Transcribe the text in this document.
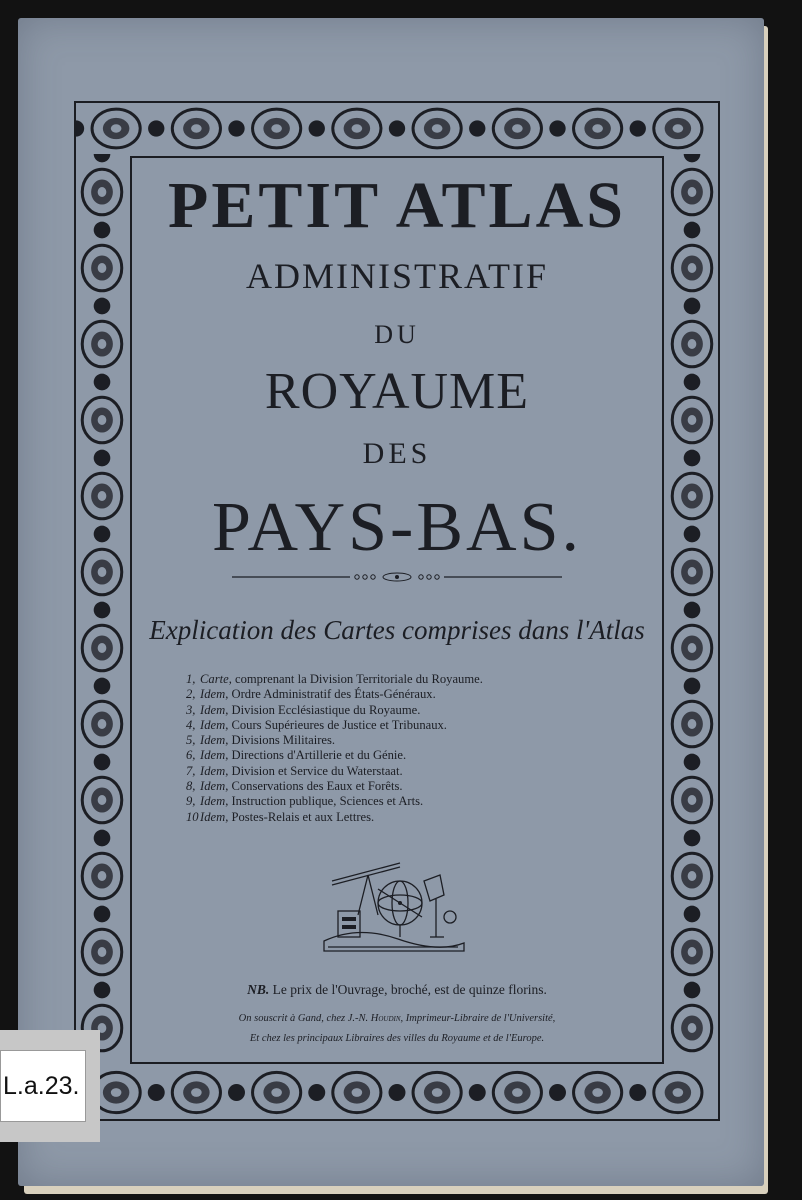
PETIT ATLAS
ADMINISTRATIF
DU
ROYAUME
DES
PAYS-BAS.
Explication des Cartes comprises dans l'Atlas
1, Carte, comprenant la Division Territoriale du Royaume.
2, Idem, Ordre Administratif des États-Généraux.
3, Idem, Division Ecclésiastique du Royaume.
4, Idem, Cours Supérieures de Justice et Tribunaux.
5, Idem, Divisions Militaires.
6, Idem, Directions d'Artillerie et du Génie.
7, Idem, Division et Service du Waterstaat.
8, Idem, Conservations des Eaux et Forêts.
9, Idem, Instruction publique, Sciences et Arts.
10Idem, Postes-Relais et aux Lettres.
NB. Le prix de l'Ouvrage, broché, est de quinze florins.
On souscrit à Gand, chez J.-N. Houdin, Imprimeur-Libraire de l'Université,
Et chez les principaux Libraires des villes du Royaume et de l'Europe.
L.a.23.
